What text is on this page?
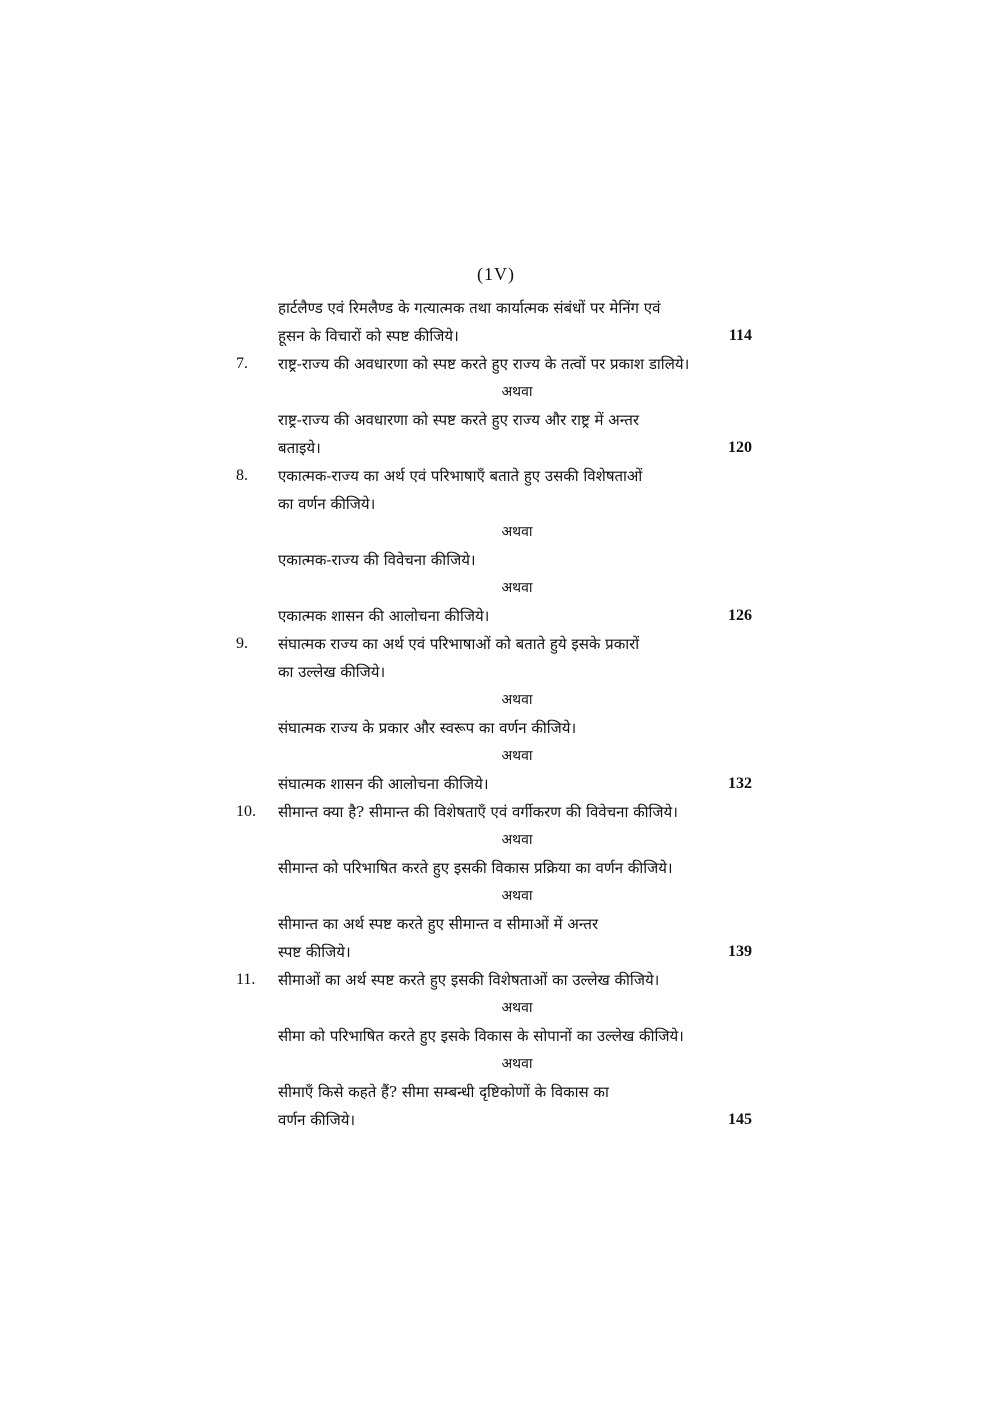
(1V)
हार्टलैण्ड एवं रिमलैण्ड के गत्यात्मक तथा कार्यात्मक संबंधों पर मेनिंग एवं
हूसन के विचारों को स्पष्ट कीजिये।	114
7.	राष्ट्र-राज्य की अवधारणा को स्पष्ट करते हुए राज्य के तत्वों पर प्रकाश डालिये।
अथवा
राष्ट्र-राज्य की अवधारणा को स्पष्ट करते हुए राज्य और राष्ट्र में अन्तर
बताइये।	120
8.	एकात्मक-राज्य का अर्थ एवं परिभाषाएँ बताते हुए उसकी विशेषताओं
का वर्णन कीजिये।
अथवा
एकात्मक-राज्य की विवेचना कीजिये।
अथवा
एकात्मक शासन की आलोचना कीजिये।	126
9.	संघात्मक राज्य का अर्थ एवं परिभाषाओं को बताते हुये इसके प्रकारों
का उल्लेख कीजिये।
अथवा
संघात्मक राज्य के प्रकार और स्वरूप का वर्णन कीजिये।
अथवा
संघात्मक शासन की आलोचना कीजिये।	132
10.	सीमान्त क्या है? सीमान्त की विशेषताएँ एवं वर्गीकरण की विवेचना कीजिये।
अथवा
सीमान्त को परिभाषित करते हुए इसकी विकास प्रक्रिया का वर्णन कीजिये।
अथवा
सीमान्त का अर्थ स्पष्ट करते हुए सीमान्त व सीमाओं में अन्तर
स्पष्ट कीजिये।	139
11.	सीमाओं का अर्थ स्पष्ट करते हुए इसकी विशेषताओं का उल्लेख कीजिये।
अथवा
सीमा को परिभाषित करते हुए इसके विकास के सोपानों का उल्लेख कीजिये।
अथवा
सीमाएँ किसे कहते हैं? सीमा सम्बन्धी दृष्टिकोणों के विकास का
वर्णन कीजिये।	145
